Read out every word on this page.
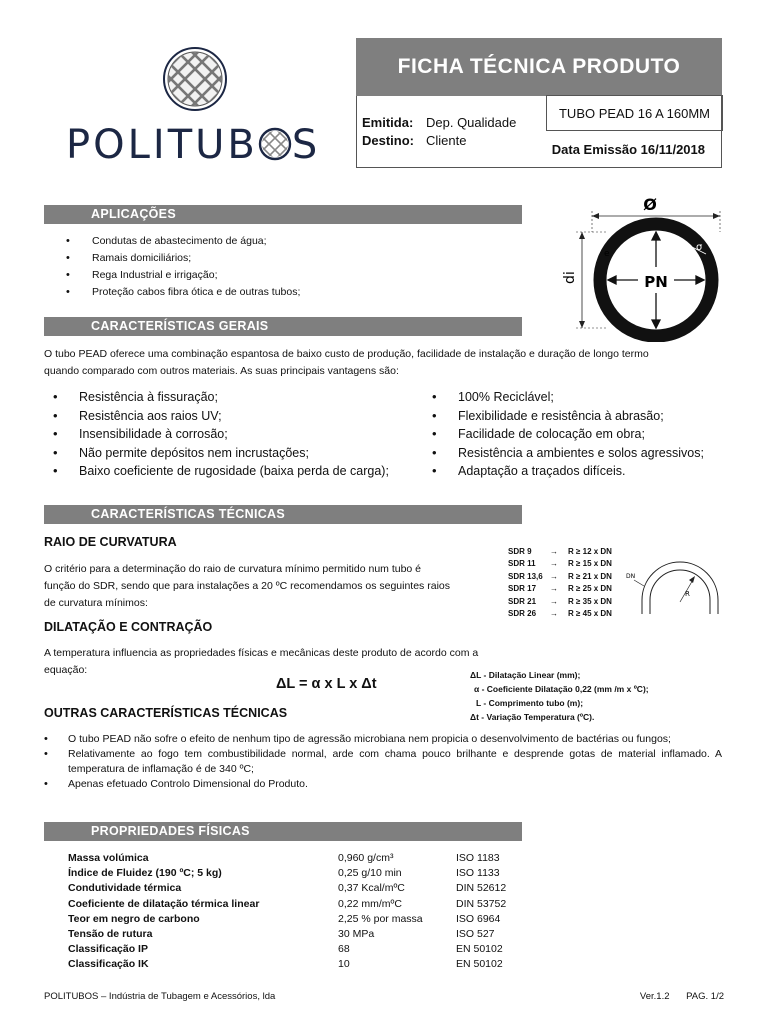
POLITUB S
FICHA TÉCNICA PRODUTO
TUBO PEAD 16 A 160MM
Emitida: Dep. Qualidade
Destino: Cliente
Data Emissão 16/11/2018
APLICAÇÕES
• Condutas de abastecimento de água;
• Ramais domiciliários;
• Rega Industrial e irrigação;
• Proteção cabos fibra ótica e de outras tubos;
Ø
di
e
σ
PN
CARACTERÍSTICAS GERAIS
O tubo PEAD oferece uma combinação espantosa de baixo custo de produção, facilidade de instalação e duração de longo termo
quando comparado com outros materiais. As suas principais vantagens são:
• Resistência à fissuração;
• Resistência aos raios UV;
• Insensibilidade à corrosão;
• Não permite depósitos nem incrustações;
• Baixo coeficiente de rugosidade (baixa perda de carga);
• 100% Reciclável;
• Flexibilidade e resistência à abrasão;
• Facilidade de colocação em obra;
• Resistência a ambientes e solos agressivos;
• Adaptação a traçados difíceis.
CARACTERÍSTICAS TÉCNICAS
RAIO DE CURVATURA
O critério para a determinação do raio de curvatura mínimo permitido num tubo é
função do SDR, sendo que para instalações a 20 ºC recomendamos os seguintes raios
de curvatura mínimos:
SDR 9	→	R ≥ 12 x DN
SDR 11	→	R ≥ 15 x DN
SDR 13,6 →	R ≥ 21 x DN
SDR 17	→	R ≥ 25 x DN
SDR 21	→	R ≥ 35 x DN
SDR 26	→	R ≥ 45 x DN
R
DN
DILATAÇÃO E CONTRAÇÃO
A temperatura influencia as propriedades físicas e mecânicas deste produto de acordo com a
equação:
ΔL = α x L x Δt
ΔL - Dilatação Linear (mm);
α - Coeficiente Dilatação 0,22 (mm /m x ºC);
L - Comprimento tubo (m);
Δt - Variação Temperatura (ºC).
OUTRAS CARACTERÍSTICAS TÉCNICAS
•	O tubo PEAD não sofre o efeito de nenhum tipo de agressão microbiana nem propicia o desenvolvimento de bactérias ou fungos;
•	Relativamente ao fogo tem combustibilidade normal, arde com chama pouco brilhante e desprende gotas de material inflamado. A temperatura de inflamação é de 340 ºC;
•	Apenas efetuado Controlo Dimensional do Produto.
PROPRIEDADES FÍSICAS
Massa volúmica	0,960 g/cm³	ISO 1183
Índice de Fluidez (190 ºC; 5 kg)	0,25 g/10 min	ISO 1133
Condutividade térmica	0,37 Kcal/mºC	DIN 52612
Coeficiente de dilatação térmica linear	0,22 mm/mºC	DIN 53752
Teor em negro de carbono	2,25 % por massa	ISO 6964
Tensão de rutura	30 MPa	ISO 527
Classificação IP	68	EN 50102
Classificação IK	10	EN 50102
POLITUBOS – Indústria de Tubagem e Acessórios, lda	Ver.1.2 PAG. 1/2
